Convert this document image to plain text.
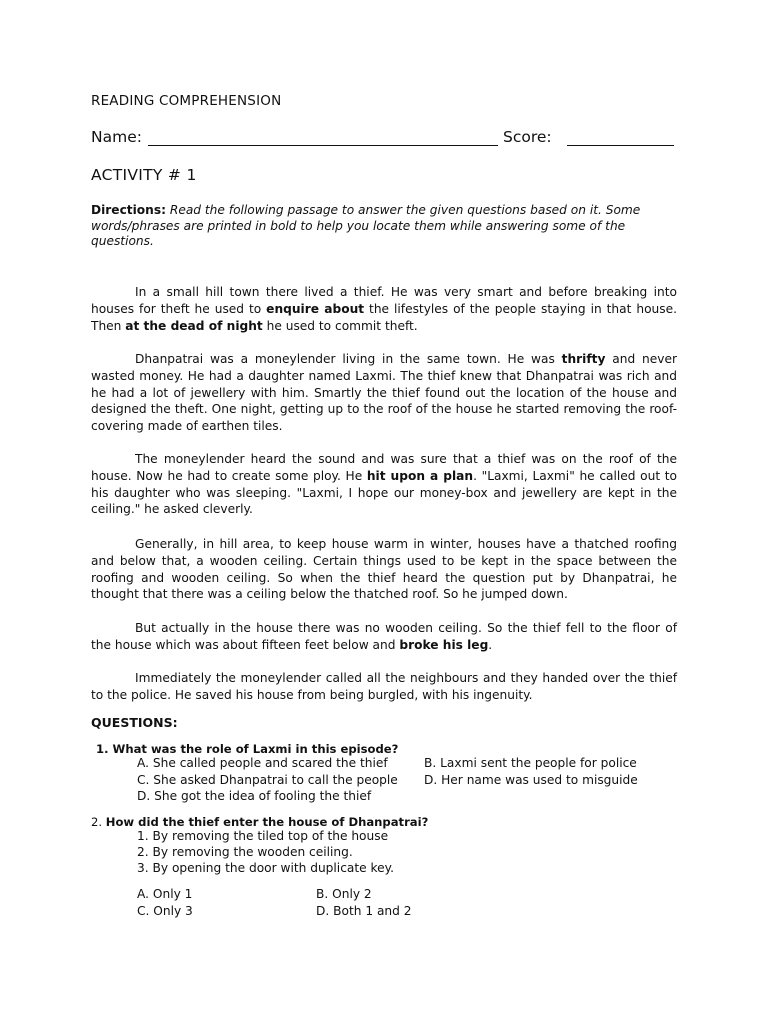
READING COMPREHENSION
Name:	Score:
ACTIVITY # 1
Directions: Read the following passage to answer the given questions based on it. Some words/phrases are printed in bold to help you locate them while answering some of the questions.
In a small hill town there lived a thief. He was very smart and before breaking into houses for theft he used to enquire about the lifestyles of the people staying in that house. Then at the dead of night he used to commit theft.
Dhanpatrai was a moneylender living in the same town. He was thrifty and never wasted money. He had a daughter named Laxmi. The thief knew that Dhanpatrai was rich and he had a lot of jewellery with him. Smartly the thief found out the location of the house and designed the theft. One night, getting up to the roof of the house he started removing the roof-covering made of earthen tiles.
The moneylender heard the sound and was sure that a thief was on the roof of the house. Now he had to create some ploy. He hit upon a plan. "Laxmi, Laxmi" he called out to his daughter who was sleeping. "Laxmi, I hope our money-box and jewellery are kept in the ceiling." he asked cleverly.
Generally, in hill area, to keep house warm in winter, houses have a thatched roofing and below that, a wooden ceiling. Certain things used to be kept in the space between the roofing and wooden ceiling. So when the thief heard the question put by Dhanpatrai, he thought that there was a ceiling below the thatched roof. So he jumped down.
But actually in the house there was no wooden ceiling. So the thief fell to the floor of the house which was about fifteen feet below and broke his leg.
Immediately the moneylender called all the neighbours and they handed over the thief to the police. He saved his house from being burgled, with his ingenuity.
QUESTIONS:
1. What was the role of Laxmi in this episode?
A. She called people and scared the thief	B. Laxmi sent the people for police
C. She asked Dhanpatrai to call the people D. Her name was used to misguide
D. She got the idea of fooling the thief
2. How did the thief enter the house of Dhanpatrai?
1. By removing the tiled top of the house
2. By removing the wooden ceiling.
3. By opening the door with duplicate key.
A. Only 1	B. Only 2
C. Only 3	D. Both 1 and 2
